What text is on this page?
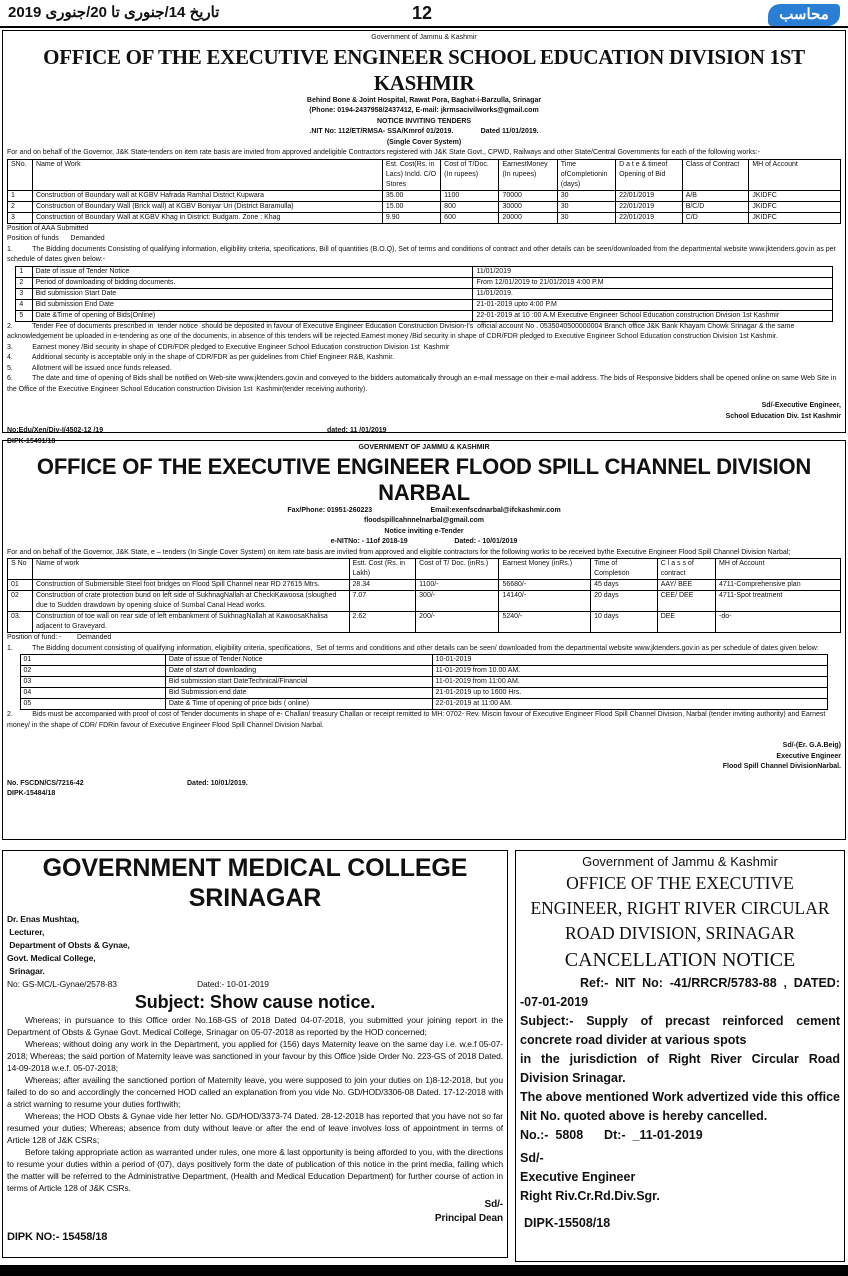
تاریخ 14/جنوری تا 20/جنوری 2019	12	محاسب
Government of Jammu & Kashmir
OFFICE OF THE EXECUTIVE ENGINEER SCHOOL EDUCATION DIVISION 1ST KASHMIR
Behind Bone & Joint Hospital, Rawat Pora, Baghat-i-Barzulla, Srinagar
(Phone: 0194-2437958/2437412, E-mail: jkrmsacivilworks@gmail.com
NOTICE INVITING TENDERS
.NIT No: 112/ET/RMSA- SSA/Kmrof 01/2019.	Dated 11/01/2019.
(Single Cover System)
For and on behalf of the Governor, J&K State-tenders on item rate basis are invited from approved andeligible Contractors registered with J&K State Govt., CPWD, Railways and other State/Central Governments for each of the following works:-
SNo.	Name of Work	Est. Cost(Rs. in Lacs) Incld. C/O Stores	Cost of T/Doc.(In rupees)	EarnestMoney (In rupees)	Time ofCompletionin (days)	D a t e & timeof Opening of Bid	Class of Contract	MH of Account
1	Construction of Boundary wall at KGBV Hafrada Ramhal District Kupwara	35.00	1100	70000	30	22/01/2019	A/B	JKIDFC
2	Construction of Boundary Wall (Brick wall) at KGBV Boniyar Uri (District Baramulla)	15.00	800	30000	30	22/01/2019	B/C/D	JKIDFC
3	Construction of Boundary Wall at KGBV Khag in District: Budgam. Zone : Khag	9.90	600	20000	30	22/01/2019	C/D	JKIDFC
Position of AAA Submitted
Position of funds      Demanded
1.          The Bidding documents Consisting of qualifying information, eligibility criteria, specifications, Bill of quantities (B.O.Q), Set of terms and conditions of contract and other details can be seen/downloaded from the departmental website www.jktenders.gov.in as per schedule of dates given below:-
1	Date of issue of Tender Notice	11/01/2019
2	Period of downloading of bidding documents.	From 12/01/2019 to 21/01/2019 4:00 P.M
3	Bid submission Start Date	11/01/2019.
4	Bid submission End Date	21-01-2019 upto 4:00 P.M
5	Date &Time of opening of Bids(Online)	22-01-2019 at 10 :00 A.M Executive Engineer School Education construction Division 1st Kashmir
2.          Tender Fee of documents prescribed in  tender notice  should be deposited in favour of Executive Engineer Education Construction Division-I's  official account No . 0535040500000004 Branch office J&K Bank Khayam Chowk Srinagar & the same acknowledgement be uploaded in e-tendering as one of the documents, in absence of this tenders will be rejected.Earnest money /Bid security in shape of CDR/FDR pledged to Executive Engineer School Education construction Division 1st Kashmir.
3.          Earnest money /Bid security in shape of CDR/FDR pledged to Executive Engineer School Education construction Division 1st  Kashmir
4.          Additional security is acceptable only in the shape of CDR/FDR as per guidelines from Chief Engineer R&B, Kashmir.
5.          Allotment will be issued once funds released.
6.          The date and time of opening of Bids shall be notified on Web-site www.jktenders.gov.in and conveyed to the bidders automatically through an e-mail message on their e-mail address. The bids of Responsive bidders shall be opened online on same Web Site in the Office of the Executive Engineer School Education construction Division 1st  Kashmir(tender receiving authority).
Sd/-Executive Engineer,
School Education Div. 1st Kashmir
No:Edu/Xen/Div-I/4502-12 /19	dated: 11 /01/2019
DIPK-15491/18
GOVERNMENT OF JAMMU & KASHMIR
OFFICE OF THE EXECUTIVE ENGINEER FLOOD SPILL CHANNEL DIVISION NARBAL
Fax/Phone: 01951-260223	Email:exenfscdnarbal@ifckashmir.com
floodspillcahnnelnarbal@gmail.com
Notice inviting e-Tender
e-NITNo: - 11of 2018-19	Dated: - 10/01/2019
For and on behalf of the Governor, J&K State, e – tenders (In Single Cover System) on item rate basis are invited from approved and eligible contractors for the following works to be received bythe Executive Engineer Flood Spill Channel Division Narbal;
S No	Name of work	Estt. Cost (Rs. in Lakh)	Cost of T/ Doc. (inRs.)	Earnest Money (inRs.)	Time of Completion	C l a s s of contract	MH of Account
01	Construction of Submersible Steel foot bridges on Flood Spill Channel near RD 27615 Mtrs.	28.34	1100/-	56680/-	45 days	AAY/ BEE	4711-Comprehensive plan
02	Construction of crate protection bund on left side of SukhnagNallah at CheckiKawoosa (sloughed due to Sudden drawdown by opening sluice of Sumbal Canal Head works.	7.07	300/-	14140/-	20 days	CEE/ DEE	4711-Spot treatment
03.	Construction of toe wall on rear side of left embankment of SukhnagNallah at KawoosaKhalisa adjacent to Graveyard.	2.62	200/-	5240/-	10 days	DEE	-do-
Position of fund: -        Demanded
1.          The Bidding document consisting of qualifying information, eligibility criteria, specifications,  Set of terms and conditions and other details can be seen/ downloaded from the departmental website www.jktenders.gov.in as per schedule of dates given below:
01	Date of issue of Tender Notice	10-01-2019
02	Date of start of downloading	11-01-2019 from 10.00 AM.
03	Bid submission start DateTechnical/Financial	11-01-2019 from 11:00 AM.
04	Bid Submission end date	21-01-2019 up to 1600 Hrs.
05	Date & Time of opening of price bids ( online)	22-01-2019 at 11:00 AM.
2.          Bids must be accompanied with proof of cost of Tender documents in shape of e- Challan/ treasury Challan or receipt remitted to MH: 0702- Rev. Miscin favour of Executive Engineer Flood Spill Channel Division, Narbal (tender inviting authority) and Earnest money/ in the shape of CDR/ FDRin favour of Executive Engineer Flood Spill Channel Division Narbal.
Sd/-(Er. G.A.Beig)
Executive Engineer
Flood Spill Channel DivisionNarbal.
No. FSCDN/CS/7216-42	Dated: 10/01/2019.
DIPK-15484/18
GOVERNMENT MEDICAL COLLEGE SRINAGAR
Dr. Enas Mushtaq,
Lecturer,
Department of Obsts & Gynae,
Govt. Medical College,
Srinagar.
No: GS-MC/L-Gynae/2578-83	Dated:- 10-01-2019
Subject: Show cause notice.
Whereas; in pursuance to this Office order No.168-GS of 2018 Dated 04-07-2018, you submitted your joining report in the Department of Obsts & Gynae Govt. Medical College, Srinagar on 05-07-2018 as reported by the HOD concerned;
Whereas; without doing any work in the Department, you applied for (156) days Maternity leave on the same day i.e. w.e.f 05-07-2018; Whereas; the said portion of Maternity leave was sanctioned in your favour by this Office )side Order No. 223-GS of 2018 Dated. 14-09-2018 w.e.f. 05-07-2018;
Whereas; after availing the sanctioned portion of Maternity leave, you were supposed to join your duties on 1)8-12-2018, but you failed to do so and accordingly the concerned HOD called an explanation from you vide No. GD/HOD/3306-08 Dated. 17-12-2018 with a strict warning to resume your duties forthwith;
Whereas; the HOD Obsts & Gynae vide her letter No. GD/HOD/3373-74 Dated. 28-12-2018 has reported that you have not so far resumed your duties; Whereas; absence from duty without leave or after the end of leave involves loss of appointment in terms of Article 128 of J&K CSRs;
Before taking appropriate action as warranted under rules, one more & last opportunity is being afforded to you, with the directions to resume your duties within a period of (07), days positively form the date of publication of this notice in the print media, failing which the matter will be referred to the Administrative Department, (Health and Medical Education Department) for further course of action in terms of Article 128 of J&K CSRs.
Sd/-
Principal Dean
DIPK NO:- 15458/18
Government of Jammu & Kashmir
OFFICE OF THE EXECUTIVE ENGINEER, RIGHT RIVER CIRCULAR ROAD DIVISION, SRINAGAR
CANCELLATION NOTICE
Ref:- NIT No: -41/RRCR/5783-88 , DATED: -07-01-2019
Subject:- Supply of precast reinforced cement concrete road divider at various spots
in the jurisdiction of Right River Circular Road Division Srinagar.
The above mentioned Work advertized vide this office Nit No. quoted above is hereby cancelled.
No.:-  5808      Dt:-  _11-01-2019
Sd/-
Executive Engineer
Right Riv.Cr.Rd.Div.Sgr.
DIPK-15508/18
